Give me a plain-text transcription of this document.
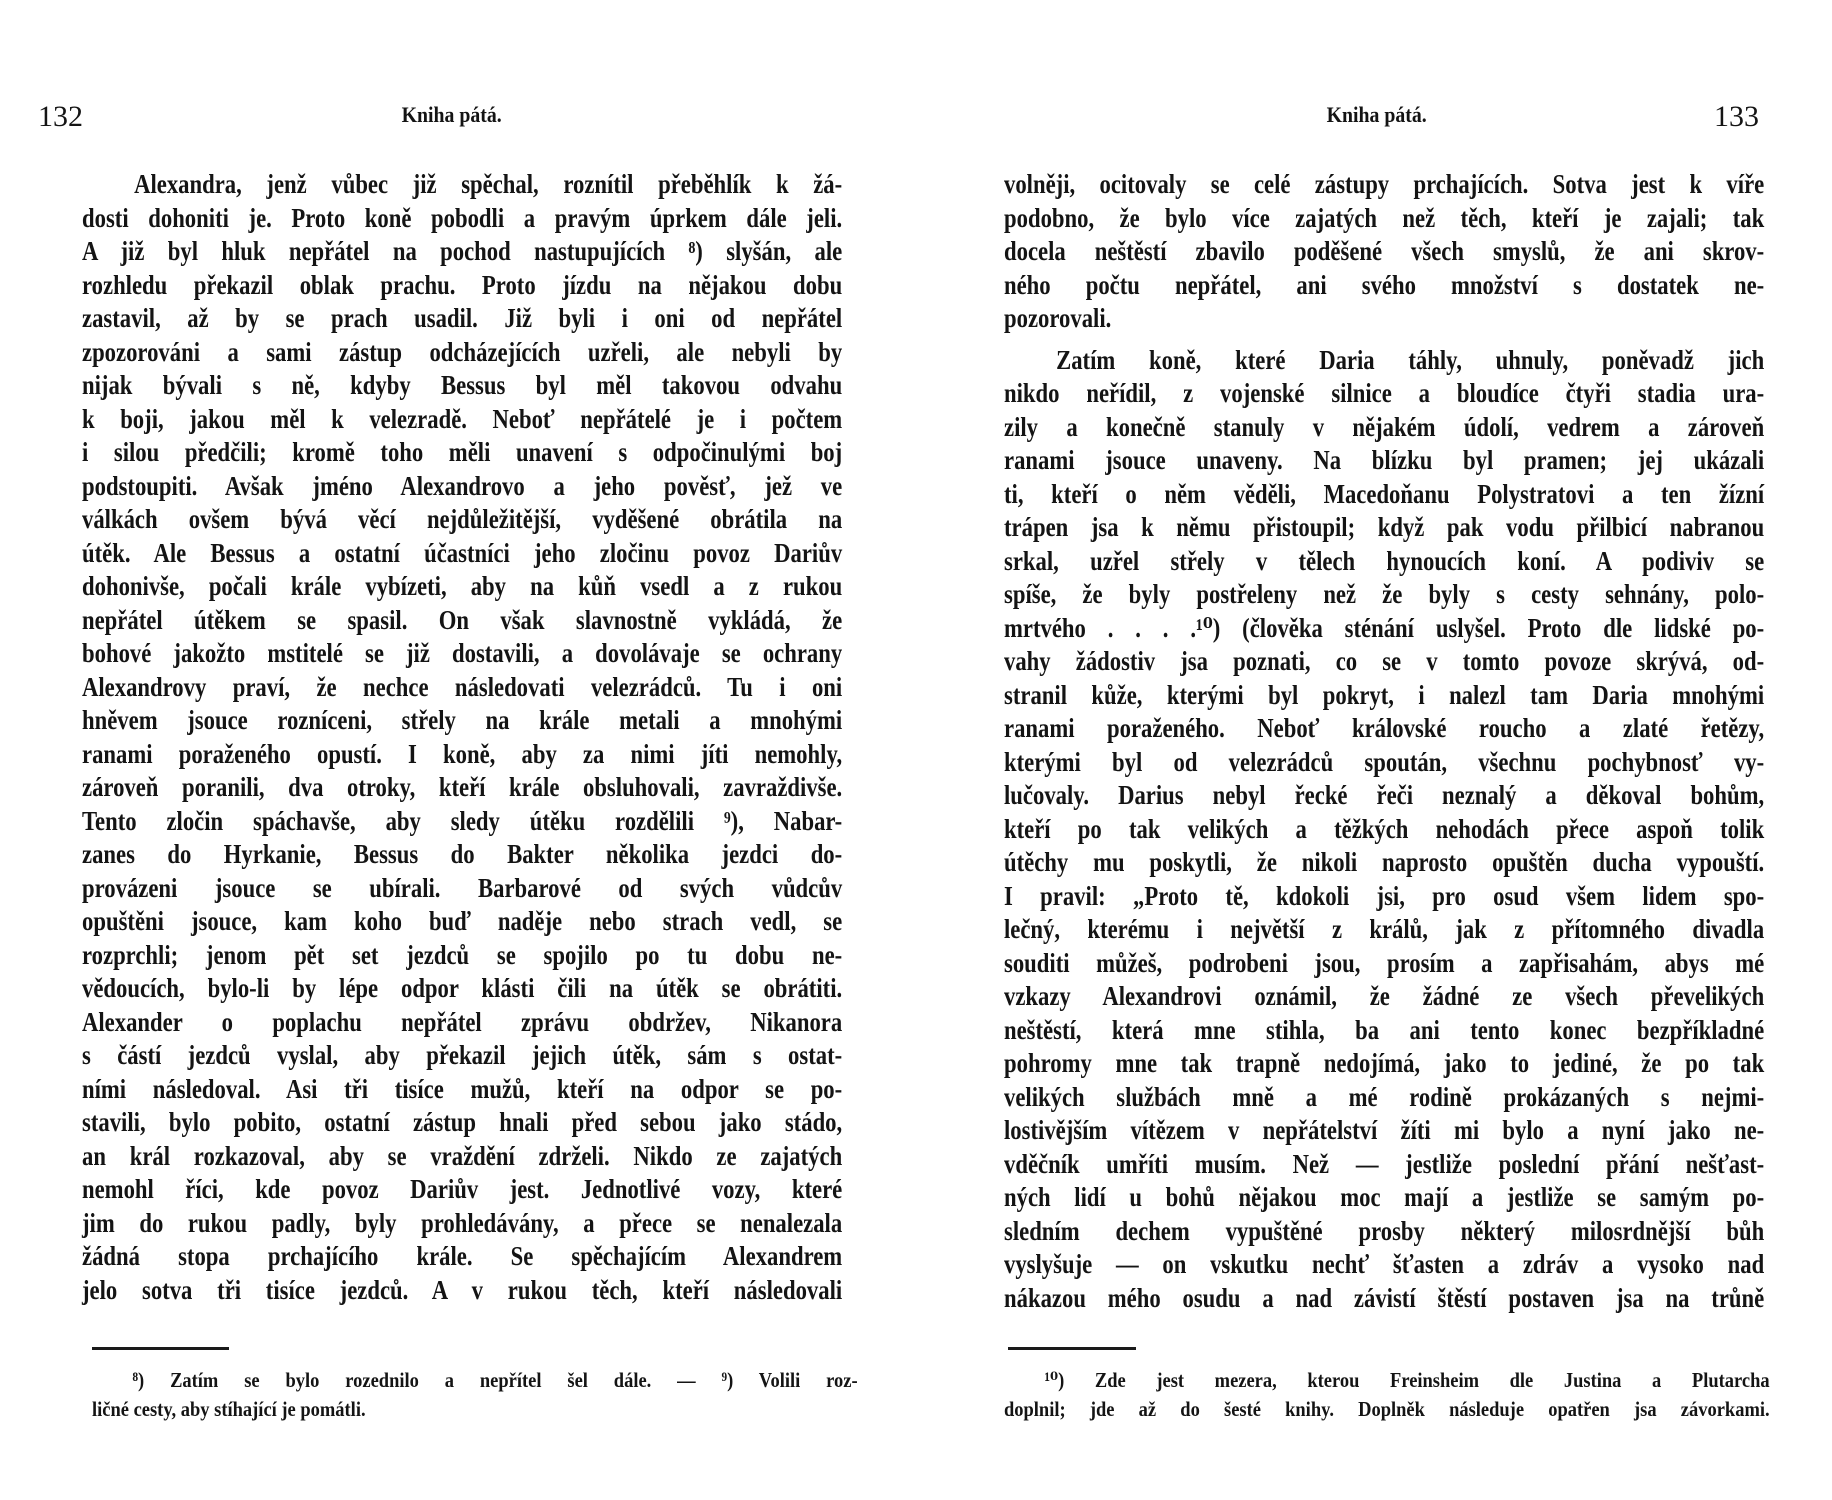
132	Kniha pátá.
Alexandra, jenž vůbec již spěchal, roznítil přeběhlík k žá-
dosti dohoniti je. Proto koně pobodli a pravým úprkem dále jeli.
A již byl hluk nepřátel na pochod nastupujících ⁸) slyšán, ale
rozhledu překazil oblak prachu. Proto jízdu na nějakou dobu
zastavil, až by se prach usadil. Již byli i oni od nepřátel
zpozorováni a sami zástup odcházejících uzřeli, ale nebyli by
nijak bývali s ně, kdyby Bessus byl měl takovou odvahu
k boji, jakou měl k velezradě. Neboť nepřátelé je i počtem
i silou předčili; kromě toho měli unavení s odpočinulými boj
podstoupiti. Avšak jméno Alexandrovo a jeho pověsť, jež ve
válkách ovšem bývá věcí nejdůležitější, vyděšené obrátila na
útěk. Ale Bessus a ostatní účastníci jeho zločinu povoz Dariův
dohonivše, počali krále vybízeti, aby na kůň vsedl a z rukou
nepřátel útěkem se spasil. On však slavnostně vykládá, že
bohové jakožto mstitelé se již dostavili, a dovolávaje se ochrany
Alexandrovy praví, že nechce následovati velezrádců. Tu i oni
hněvem jsouce rozníceni, střely na krále metali a mnohými
ranami poraženého opustí. I koně, aby za nimi jíti nemohly,
zároveň poranili, dva otroky, kteří krále obsluhovali, zavraždivše.
Tento zločin spáchavše, aby sledy útěku rozdělili ⁹), Nabar-
zanes do Hyrkanie, Bessus do Bakter několika jezdci do-
provázeni jsouce se ubírali. Barbarové od svých vůdcův
opuštěni jsouce, kam koho buď naděje nebo strach vedl, se
rozprchli; jenom pět set jezdců se spojilo po tu dobu ne-
vědoucích, bylo-li by lépe odpor klásti čili na útěk se obrátiti.
Alexander o poplachu nepřátel zprávu obdržev, Nikanora
s částí jezdců vyslal, aby překazil jejich útěk, sám s ostat-
ními následoval. Asi tři tisíce mužů, kteří na odpor se po-
stavili, bylo pobito, ostatní zástup hnali před sebou jako stádo,
an král rozkazoval, aby se vraždění zdrželi. Nikdo ze zajatých
nemohl říci, kde povoz Dariův jest. Jednotlivé vozy, které
jim do rukou padly, byly prohledávány, a přece se nenalezala
žádná stopa prchajícího krále. Se spěchajícím Alexandrem
jelo sotva tři tisíce jezdců. A v rukou těch, kteří následovali
⁸) Zatím se bylo rozednilo a nepřítel šel dále. — ⁹) Volili roz-
ličné cesty, aby stíhající je pomátli.
Kniha pátá.	133
volněji, ocitovaly se celé zástupy prchajících. Sotva jest k víře
podobno, že bylo více zajatých než těch, kteří je zajali; tak
docela neštěstí zbavilo poděšené všech smyslů, že ani skrov-
ného počtu nepřátel, ani svého množství s dostatek ne-
pozorovali.
Zatím koně, které Daria táhly, uhnuly, poněvadž jich
nikdo neřídil, z vojenské silnice a bloudíce čtyři stadia ura-
zily a konečně stanuly v nějakém údolí, vedrem a zároveň
ranami jsouce unaveny. Na blízku byl pramen; jej ukázali
ti, kteří o něm věděli, Macedoňanu Polystratovi a ten žízní
trápen jsa k němu přistoupil; když pak vodu přilbicí nabranou
srkal, uzřel střely v tělech hynoucích koní. A podiviv se
spíše, že byly postřeleny než že byly s cesty sehnány, polo-
mrtvého . . . .¹⁰) (člověka sténání uslyšel. Proto dle lidské po-
vahy žádostiv jsa poznati, co se v tomto povoze skrývá, od-
stranil kůže, kterými byl pokryt, i nalezl tam Daria mnohými
ranami poraženého. Neboť královské roucho a zlaté řetězy,
kterými byl od velezrádců spoután, všechnu pochybnosť vy-
lučovaly. Darius nebyl řecké řeči neznalý a děkoval bohům,
kteří po tak velikých a těžkých nehodách přece aspoň tolik
útěchy mu poskytli, že nikoli naprosto opuštěn ducha vypouští.
I pravil: „Proto tě, kdokoli jsi, pro osud všem lidem spo-
lečný, kterému i největší z králů, jak z přítomného divadla
souditi můžeš, podrobeni jsou, prosím a zapřisahám, abys mé
vzkazy Alexandrovi oznámil, že žádné ze všech převelikých
neštěstí, která mne stihla, ba ani tento konec bezpříkladné
pohromy mne tak trapně nedojímá, jako to jediné, že po tak
velikých službách mně a mé rodině prokázaných s nejmi-
lostivějším vítězem v nepřátelství žíti mi bylo a nyní jako ne-
vděčník umříti musím. Než — jestliže poslední přání nešťast-
ných lidí u bohů nějakou moc mají a jestliže se samým po-
sledním dechem vypuštěné prosby některý milosrdnější bůh
vyslyšuje — on vskutku nechť šťasten a zdráv a vysoko nad
nákazou mého osudu a nad závistí štěstí postaven jsa na trůně
¹⁰) Zde jest mezera, kterou Freinsheim dle Justina a Plutarcha
doplnil; jde až do šesté knihy. Doplněk následuje opatřen jsa závorkami.
